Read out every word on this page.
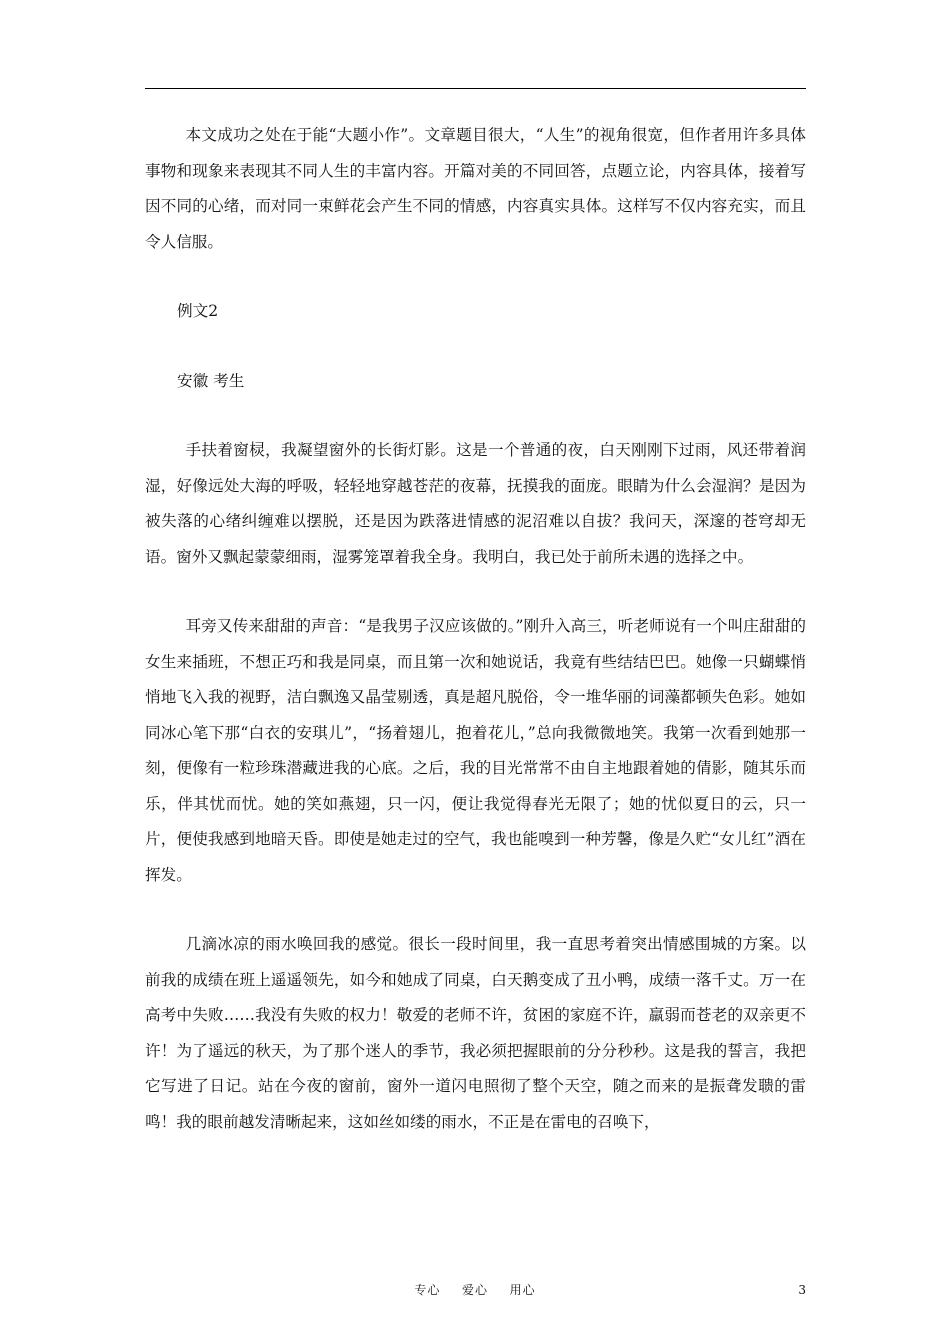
本文成功之处在于能“大题小作”。文章题目很大，“人生”的视角很宽，但作者用许多具体事物和现象来表现其不同人生的丰富内容。开篇对美的不同回答，点题立论，内容具体，接着写因不同的心绪，而对同一束鲜花会产生不同的情感，内容真实具体。这样写不仅内容充实，而且令人信服。

例文2

安徽 考生

手扶着窗棂，我凝望窗外的长街灯影。这是一个普通的夜，白天刚刚下过雨，风还带着润湿，好像远处大海的呼吸，轻轻地穿越苍茫的夜幕，抚摸我的面庞。眼睛为什么会湿润？是因为被失落的心绪纠缠难以摆脱，还是因为跌落进情感的泥沼难以自拔？我问天，深邃的苍穹却无语。窗外又飘起蒙蒙细雨，湿雾笼罩着我全身。我明白，我已处于前所未遇的选择之中。

耳旁又传来甜甜的声音：“是我男子汉应该做的。”刚升入高三，听老师说有一个叫庄甜甜的女生来插班，不想正巧和我是同桌，而且第一次和她说话，我竟有些结结巴巴。她像一只蝴蝶悄悄地飞入我的视野，洁白飘逸又晶莹剔透，真是超凡脱俗，令一堆华丽的词藻都顿失色彩。她如同冰心笔下那“白衣的安琪儿”，“扬着翅儿，抱着花儿，”总向我微微地笑。我第一次看到她那一刻，便像有一粒珍珠潜藏进我的心底。之后，我的目光常常不由自主地跟着她的倩影，随其乐而乐，伴其忧而忧。她的笑如燕翅，只一闪，便让我觉得春光无限了；她的忧似夏日的云，只一片，便使我感到地暗天昏。即使是她走过的空气，我也能嗅到一种芳馨，像是久贮“女儿红”酒在挥发。

几滴冰凉的雨水唤回我的感觉。很长一段时间里，我一直思考着突出情感围城的方案。以前我的成绩在班上遥遥领先，如今和她成了同桌，白天鹅变成了丑小鸭，成绩一落千丈。万一在高考中失败……我没有失败的权力！敬爱的老师不许，贫困的家庭不许，羸弱而苍老的双亲更不许！为了遥远的秋天，为了那个迷人的季节，我必须把握眼前的分分秒秒。这是我的誓言，我把它写进了日记。站在今夜的窗前，窗外一道闪电照彻了整个天空，随之而来的是振聋发聩的雷鸣！我的眼前越发清晰起来，这如丝如缕的雨水，不正是在雷电的召唤下，

专心  爱心  用心	3
